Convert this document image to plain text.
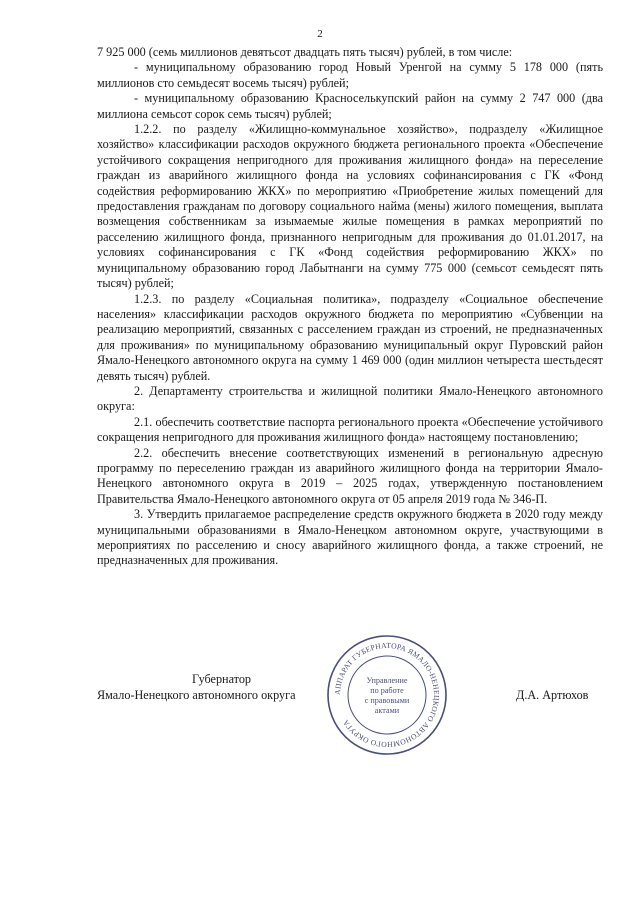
2

7 925 000 (семь миллионов девятьсот двадцать пять тысяч) рублей, в том числе:

- муниципальному образованию город Новый Уренгой на сумму 5 178 000 (пять миллионов сто семьдесят восемь тысяч) рублей;

- муниципальному образованию Красноселькупский район на сумму 2 747 000 (два миллиона семьсот сорок семь тысяч) рублей;

1.2.2. по разделу «Жилищно-коммунальное хозяйство», подразделу «Жилищное хозяйство» классификации расходов окружного бюджета регионального проекта «Обеспечение устойчивого сокращения непригодного для проживания жилищного фонда» на переселение граждан из аварийного жилищного фонда на условиях софинансирования с ГК «Фонд содействия реформированию ЖКХ» по мероприятию «Приобретение жилых помещений для предоставления гражданам по договору социального найма (мены) жилого помещения, выплата возмещения собственникам за изымаемые жилые помещения в рамках мероприятий по расселению жилищного фонда, признанного непригодным для проживания до 01.01.2017, на условиях софинансирования с ГК «Фонд содействия реформированию ЖКХ» по муниципальному образованию город Лабытнанги на сумму 775 000 (семьсот семьдесят пять тысяч) рублей;

1.2.3. по разделу «Социальная политика», подразделу «Социальное обеспечение населения» классификации расходов окружного бюджета по мероприятию «Субвенции на реализацию мероприятий, связанных с расселением граждан из строений, не предназначенных для проживания» по муниципальному образованию муниципальный округ Пуровский район Ямало-Ненецкого автономного округа на сумму 1 469 000 (один миллион четыреста шестьдесят девять тысяч) рублей.

2. Департаменту строительства и жилищной политики Ямало-Ненецкого автономного округа:

2.1. обеспечить соответствие паспорта регионального проекта «Обеспечение устойчивого сокращения непригодного для проживания жилищного фонда» настоящему постановлению;

2.2. обеспечить внесение соответствующих изменений в региональную адресную программу по переселению граждан из аварийного жилищного фонда на территории Ямало-Ненецкого автономного округа в 2019 – 2025 годах, утвержденную постановлением Правительства Ямало-Ненецкого автономного округа от 05 апреля 2019 года № 346-П.

3. Утвердить прилагаемое распределение средств окружного бюджета в 2020 году между муниципальными образованиями в Ямало-Ненецком автономном округе, участвующими в мероприятиях по расселению и сносу аварийного жилищного фонда, а также строений, не предназначенных для проживания.

Губернатор
Ямало-Ненецкого автономного округа	Д.А. Артюхов
АППАРАТ ГУБЕРНАТОРА ЯМАЛО-НЕНЕЦКОГО АВТОНОМНОГО ОКРУГА
Управление
по работе
с правовыми
актами
